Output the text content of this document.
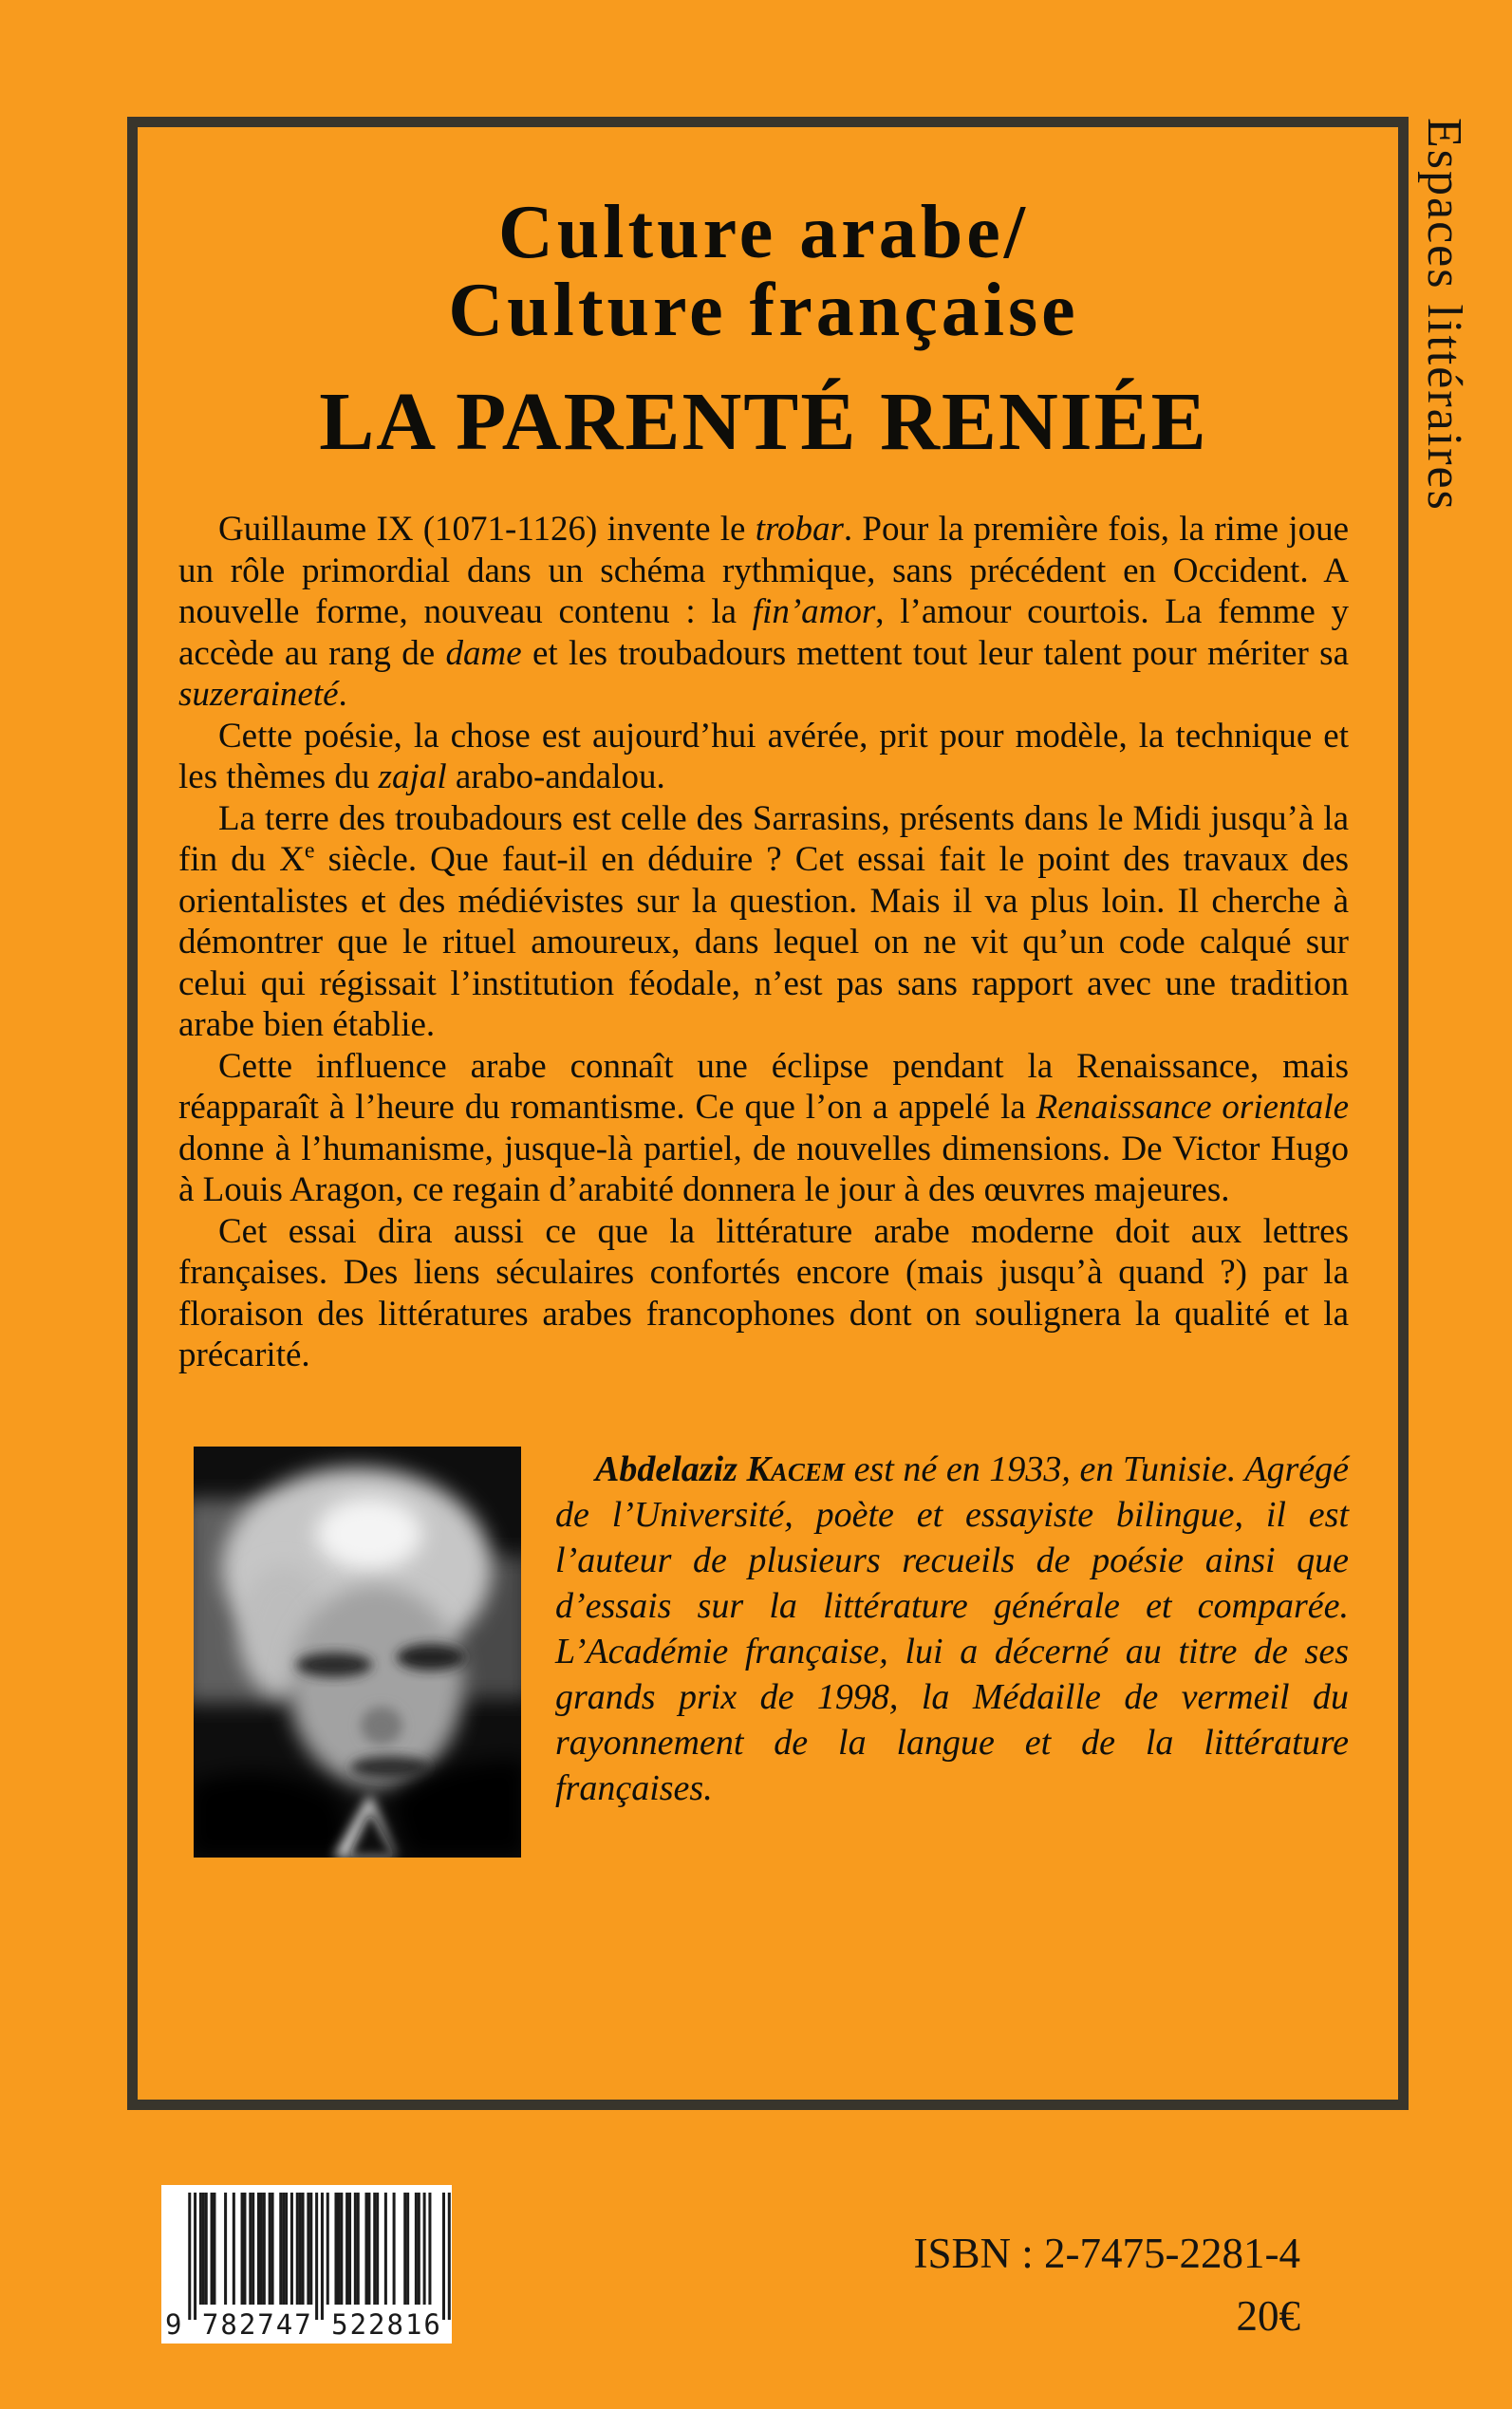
Espaces littéraires
Culture arabe/
Culture française
LA PARENTÉ RENIÉE

Guillaume IX (1071-1126) invente le trobar. Pour la première fois, la rime joue un rôle primordial dans un schéma rythmique, sans précédent en Occident. A nouvelle forme, nouveau contenu : la fin’amor, l’amour courtois. La femme y accède au rang de dame et les troubadours mettent tout leur talent pour mériter sa suzeraineté.

Cette poésie, la chose est aujourd’hui avérée, prit pour modèle, la technique et les thèmes du zajal arabo-andalou.

La terre des troubadours est celle des Sarrasins, présents dans le Midi jusqu’à la fin du Xe siècle. Que faut-il en déduire ? Cet essai fait le point des travaux des orientalistes et des médiévistes sur la question. Mais il va plus loin. Il cherche à démontrer que le rituel amoureux, dans lequel on ne vit qu’un code calqué sur celui qui régissait l’institution féodale, n’est pas sans rapport avec une tradition arabe bien établie.

Cette influence arabe connaît une éclipse pendant la Renaissance, mais réapparaît à l’heure du romantisme. Ce que l’on a appelé la Renaissance orientale donne à l’humanisme, jusque-là partiel, de nouvelles dimensions. De Victor Hugo à Louis Aragon, ce regain d’arabité donnera le jour à des œuvres majeures.

Cet essai dira aussi ce que la littérature arabe moderne doit aux lettres françaises. Des liens séculaires confortés encore (mais jusqu’à quand ?) par la floraison des littératures arabes francophones dont on soulignera la qualité et la précarité.

Abdelaziz Kacem est né en 1933, en Tunisie. Agrégé de l’Université, poète et essayiste bilingue, il est l’auteur de plusieurs recueils de poésie ainsi que d’essais sur la littérature générale et comparée. L’Académie française, lui a décerné au titre de ses grands prix de 1998, la Médaille de vermeil du rayonnement de la langue et de la littérature françaises.

9 782747 522816
ISBN : 2-7475-2281-4
20€
